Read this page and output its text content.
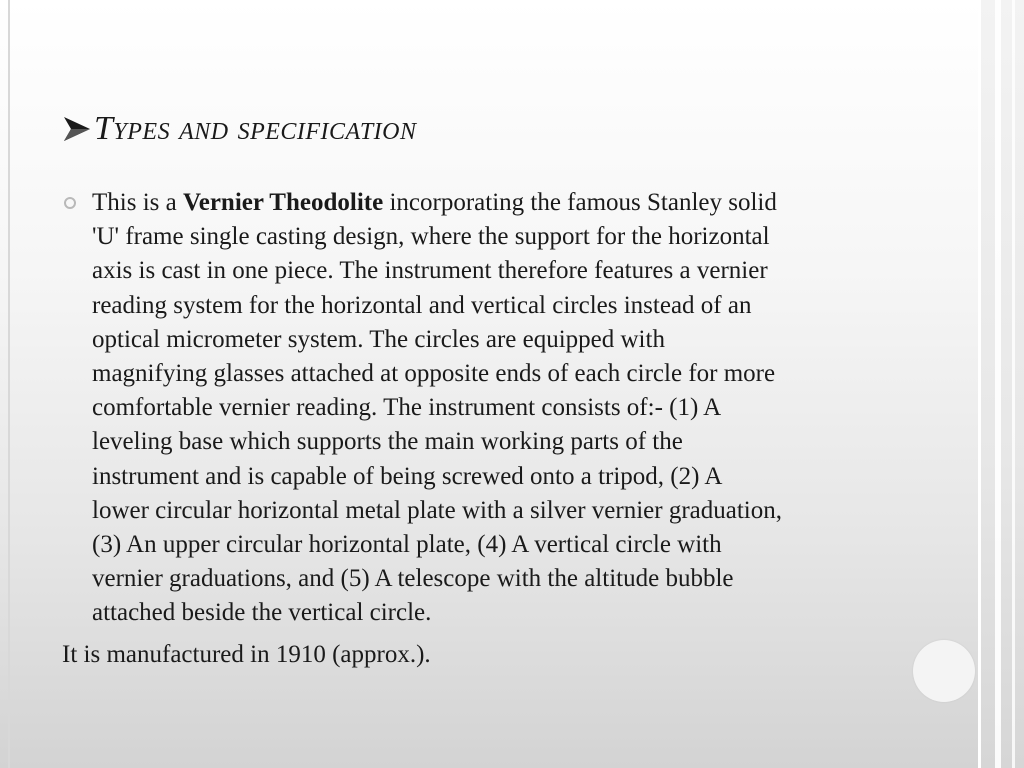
Types and specification
This is a Vernier Theodolite incorporating the famous Stanley solid
'U' frame single casting design, where the support for the horizontal
axis is cast in one piece. The instrument therefore features a vernier
reading system for the horizontal and vertical circles instead of an
optical micrometer system. The circles are equipped with
magnifying glasses attached at opposite ends of each circle for more
comfortable vernier reading. The instrument consists of:- (1) A
leveling base which supports the main working parts of the
instrument and is capable of being screwed onto a tripod, (2) A
lower circular horizontal metal plate with a silver vernier graduation,
(3) An upper circular horizontal plate, (4) A vertical circle with
vernier graduations, and (5) A telescope with the altitude bubble
attached beside the vertical circle.
It is manufactured in 1910 (approx.).
